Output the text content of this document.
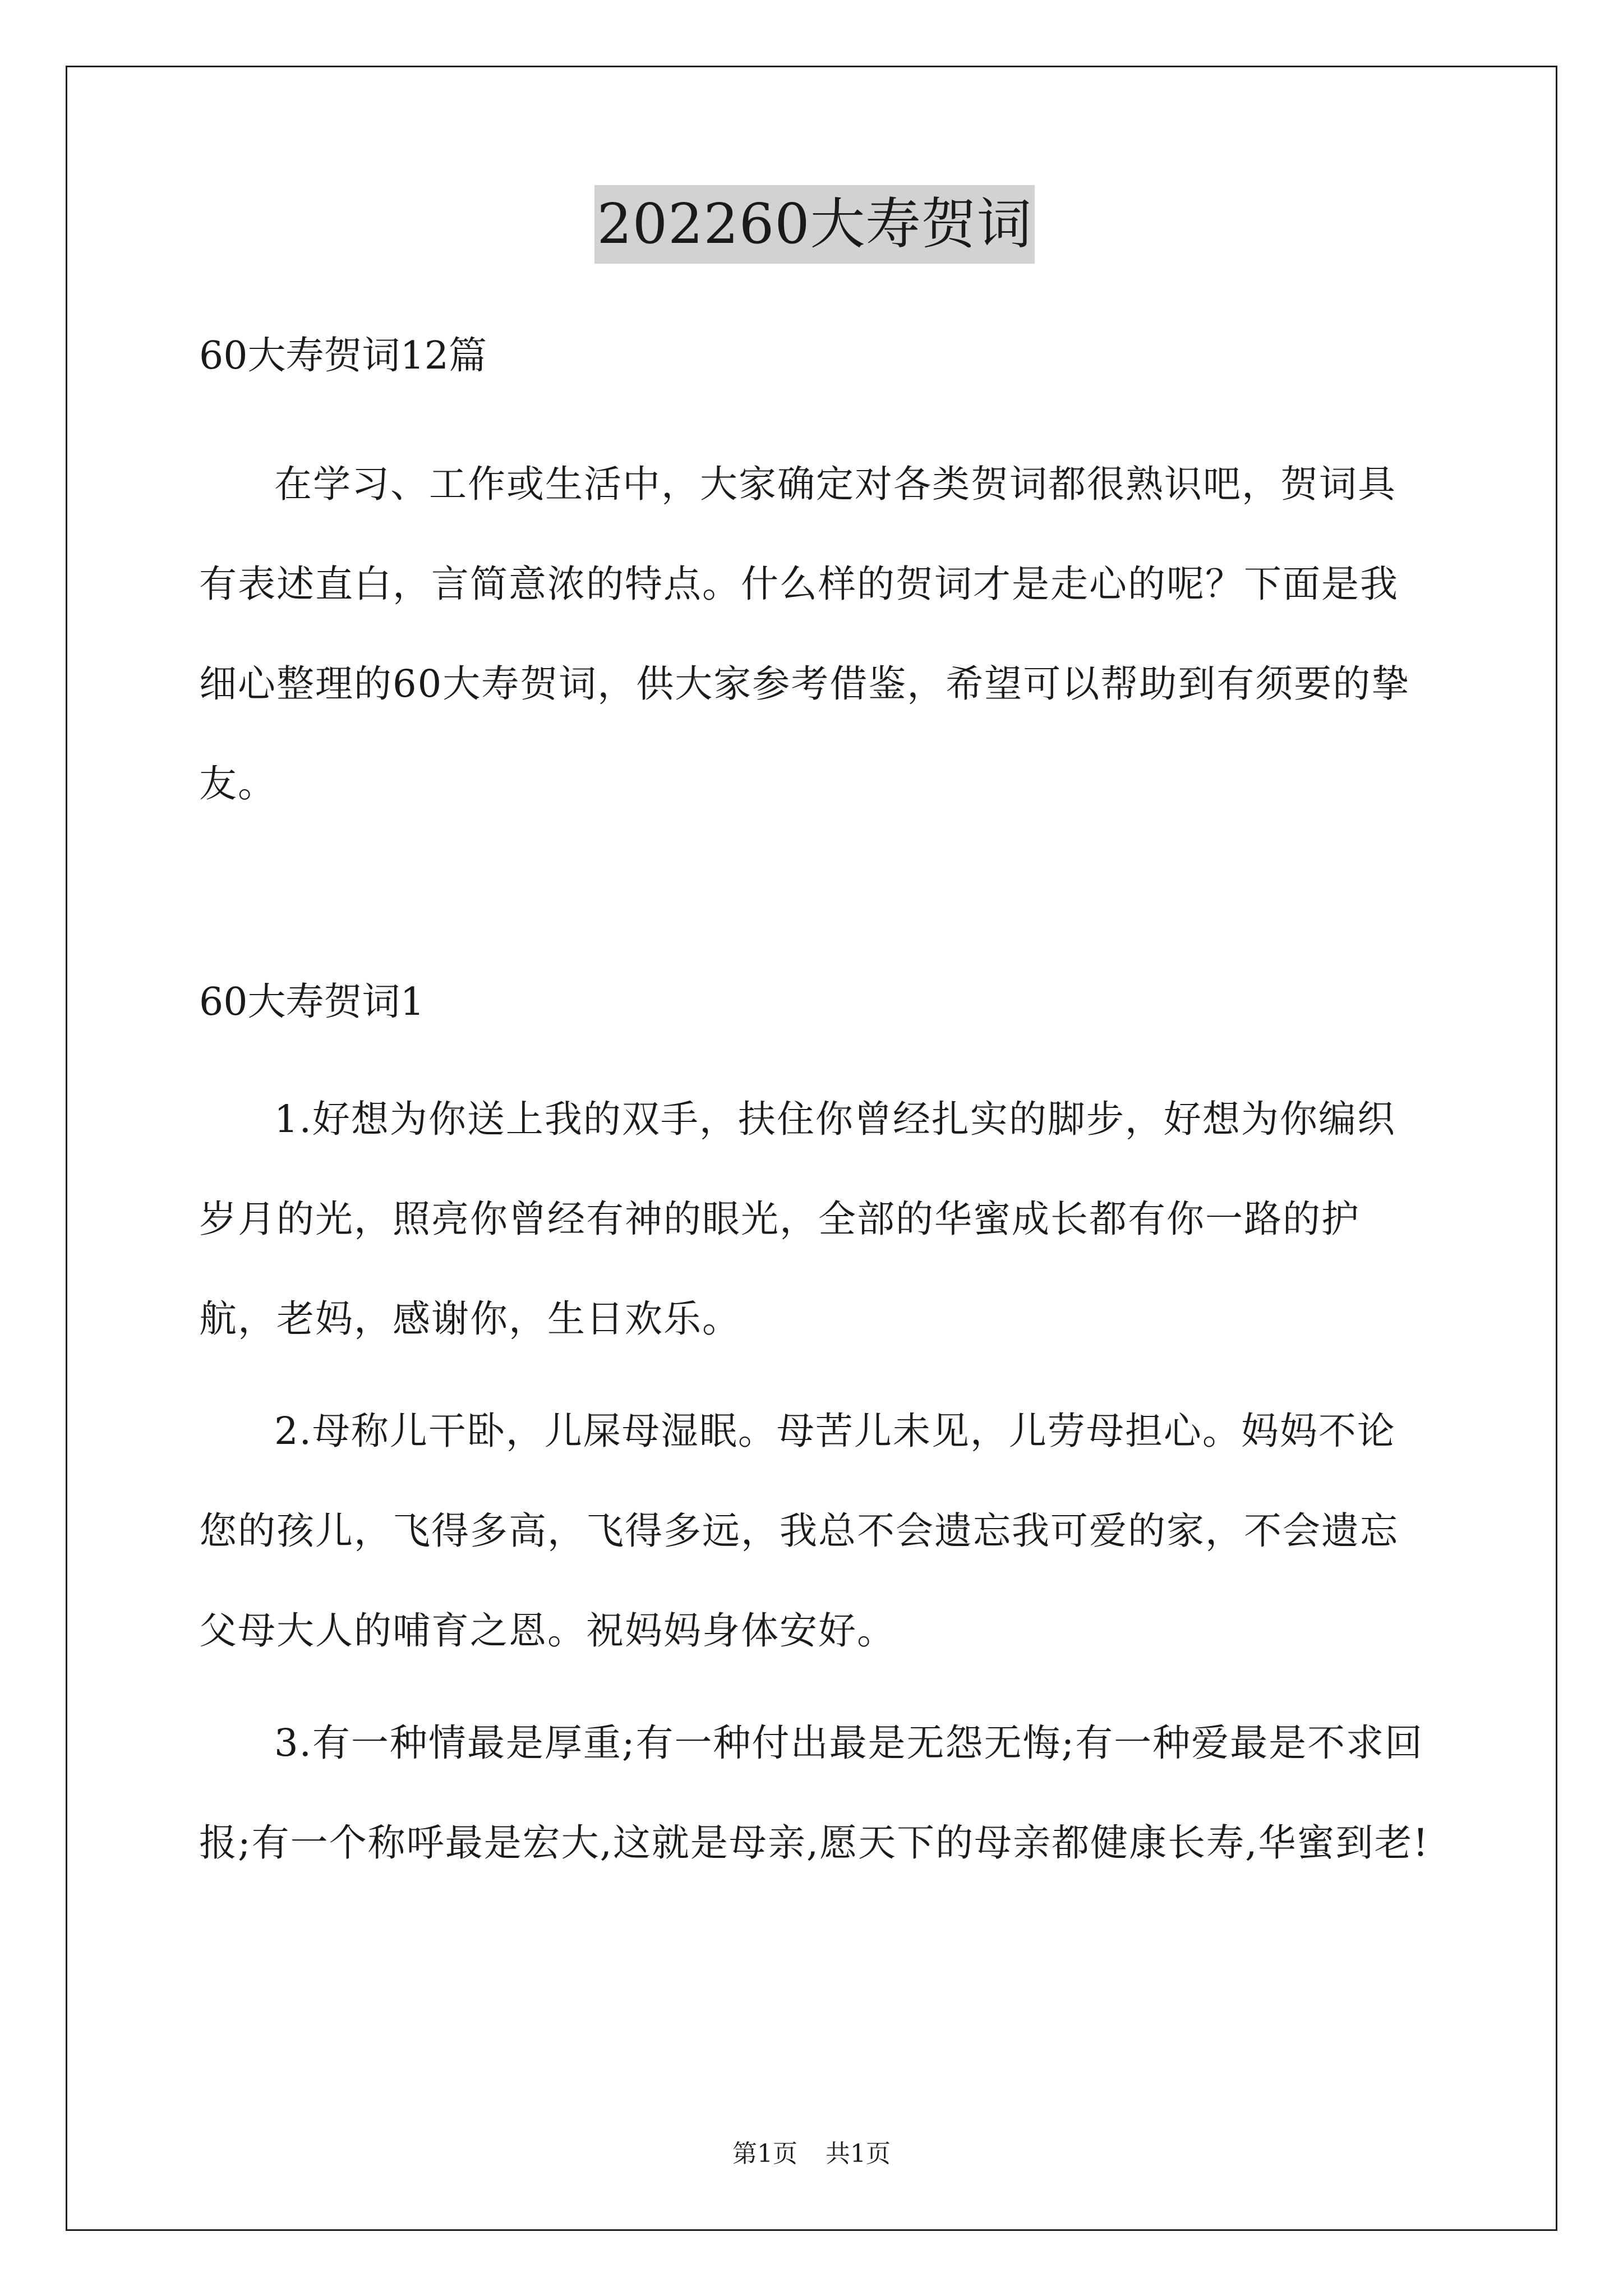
202260大寿贺词

60大寿贺词12篇

在学习、工作或生活中，大家确定对各类贺词都很熟识吧，贺词具有表述直白，言简意浓的特点。什么样的贺词才是走心的呢？下面是我细心整理的60大寿贺词，供大家参考借鉴，希望可以帮助到有须要的挚友。

60大寿贺词1

1.好想为你送上我的双手，扶住你曾经扎实的脚步，好想为你编织岁月的光，照亮你曾经有神的眼光，全部的华蜜成长都有你一路的护航，老妈，感谢你，生日欢乐。

2.母称儿干卧，儿屎母湿眠。母苦儿未见，儿劳母担心。妈妈不论您的孩儿，飞得多高，飞得多远，我总不会遗忘我可爱的家，不会遗忘父母大人的哺育之恩。祝妈妈身体安好。

3.有一种情最是厚重;有一种付出最是无怨无悔;有一种爱最是不求回报;有一个称呼最是宏大,这就是母亲,愿天下的母亲都健康长寿,华蜜到老!

第1页 共1页
